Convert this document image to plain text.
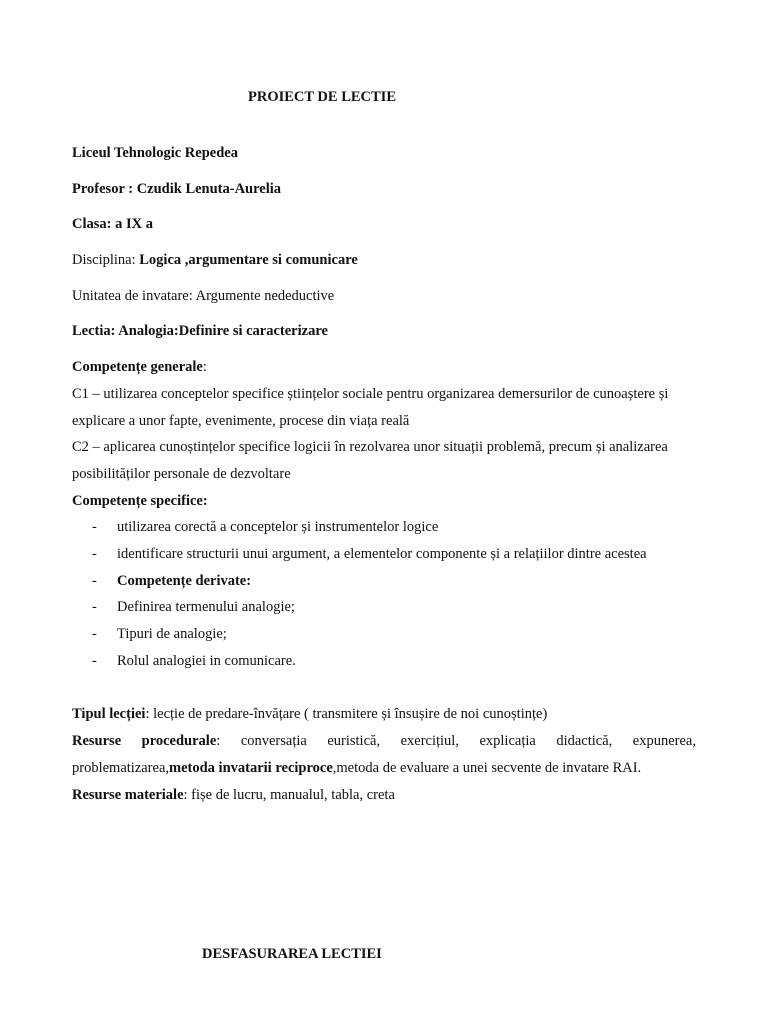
PROIECT DE LECTIE
Liceul Tehnologic Repedea
Profesor : Czudik Lenuta-Aurelia
Clasa: a IX a
Disciplina: Logica ,argumentare si comunicare
Unitatea de invatare: Argumente nedeductive
Lectia: Analogia:Definire si caracterizare
Competențe generale:
C1 – utilizarea conceptelor specifice științelor sociale pentru organizarea demersurilor de cunoaștere și
explicare a unor fapte, evenimente, procese din viața reală
C2 – aplicarea cunoștințelor specifice logicii în rezolvarea unor situații problemă, precum și analizarea
posibilităților personale de dezvoltare
Competențe specifice:
- utilizarea corectă a conceptelor și instrumentelor logice
- identificare structurii unui argument, a elementelor componente și a relațiilor dintre acestea
- Competențe derivate:
- Definirea termenului analogie;
- Tipuri de analogie;
- Rolul analogiei in comunicare.
Tipul lecției: lecție de predare-învățare ( transmitere și însușire de noi cunoștințe)
Resurse procedurale: conversația euristică, exercițiul, explicația didactică, expunerea,
problematizarea,metoda invatarii reciproce,metoda de evaluare a unei secvente de invatare RAI.
Resurse materiale: fișe de lucru, manualul, tabla, creta
DESFASURAREA LECTIEI
